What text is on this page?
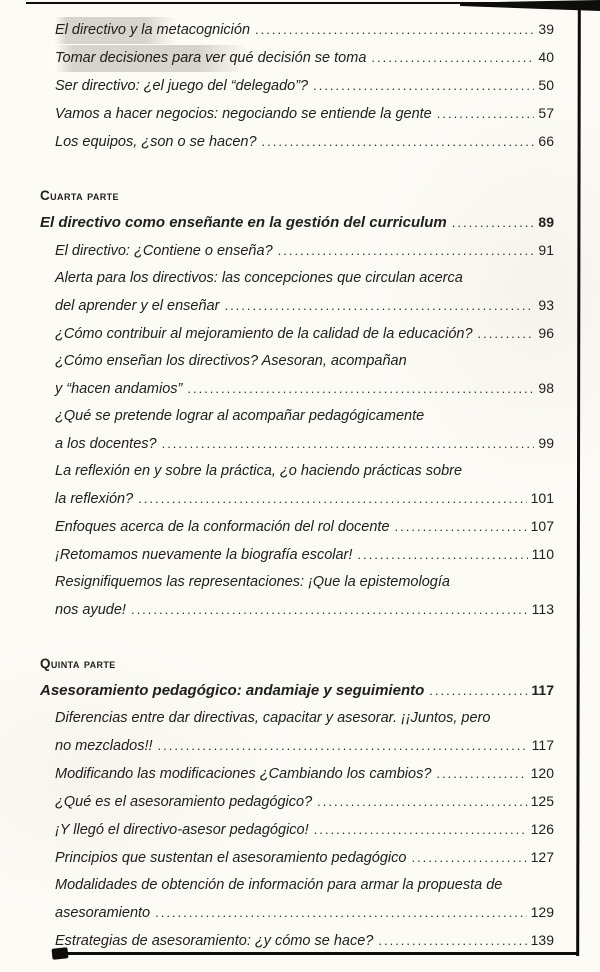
El directivo y la metacognición .....	39
Tomar decisiones para ver qué decisión se toma .....	40
Ser directivo: ¿el juego del “delegado”? .....	50
Vamos a hacer negocios: negociando se entiende la gente .....	57
Los equipos, ¿son o se hacen? .....	66
Cuarta parte
El directivo como enseñante en la gestión del curriculum .....	89
El directivo: ¿Contiene o enseña? .....	91
Alerta para los directivos: las concepciones que circulan acerca
del aprender y el enseñar .....	93
¿Cómo contribuir al mejoramiento de la calidad de la educación? .....	96
¿Cómo enseñan los directivos? Asesoran, acompañan
y “hacen andamios” .....	98
¿Qué se pretende lograr al acompañar pedagógicamente
a los docentes? .....	99
La reflexión en y sobre la práctica, ¿o haciendo prácticas sobre
la reflexión? .....	101
Enfoques acerca de la conformación del rol docente .....	107
¡Retomamos nuevamente la biografía escolar! .....	110
Resignifiquemos las representaciones: ¡Que la epistemología
nos ayude! .....	113
Quinta parte
Asesoramiento pedagógico: andamiaje y seguimiento .....	117
Diferencias entre dar directivas, capacitar y asesorar. ¡¡Juntos, pero
no mezclados!! .....	117
Modificando las modificaciones ¿Cambiando los cambios? .....	120
¿Qué es el asesoramiento pedagógico? .....	125
¡Y llegó el directivo-asesor pedagógico! .....	126
Principios que sustentan el asesoramiento pedagógico .....	127
Modalidades de obtención de información para armar la propuesta de
asesoramiento .....	129
Estrategias de asesoramiento: ¿y cómo se hace? .....	139
